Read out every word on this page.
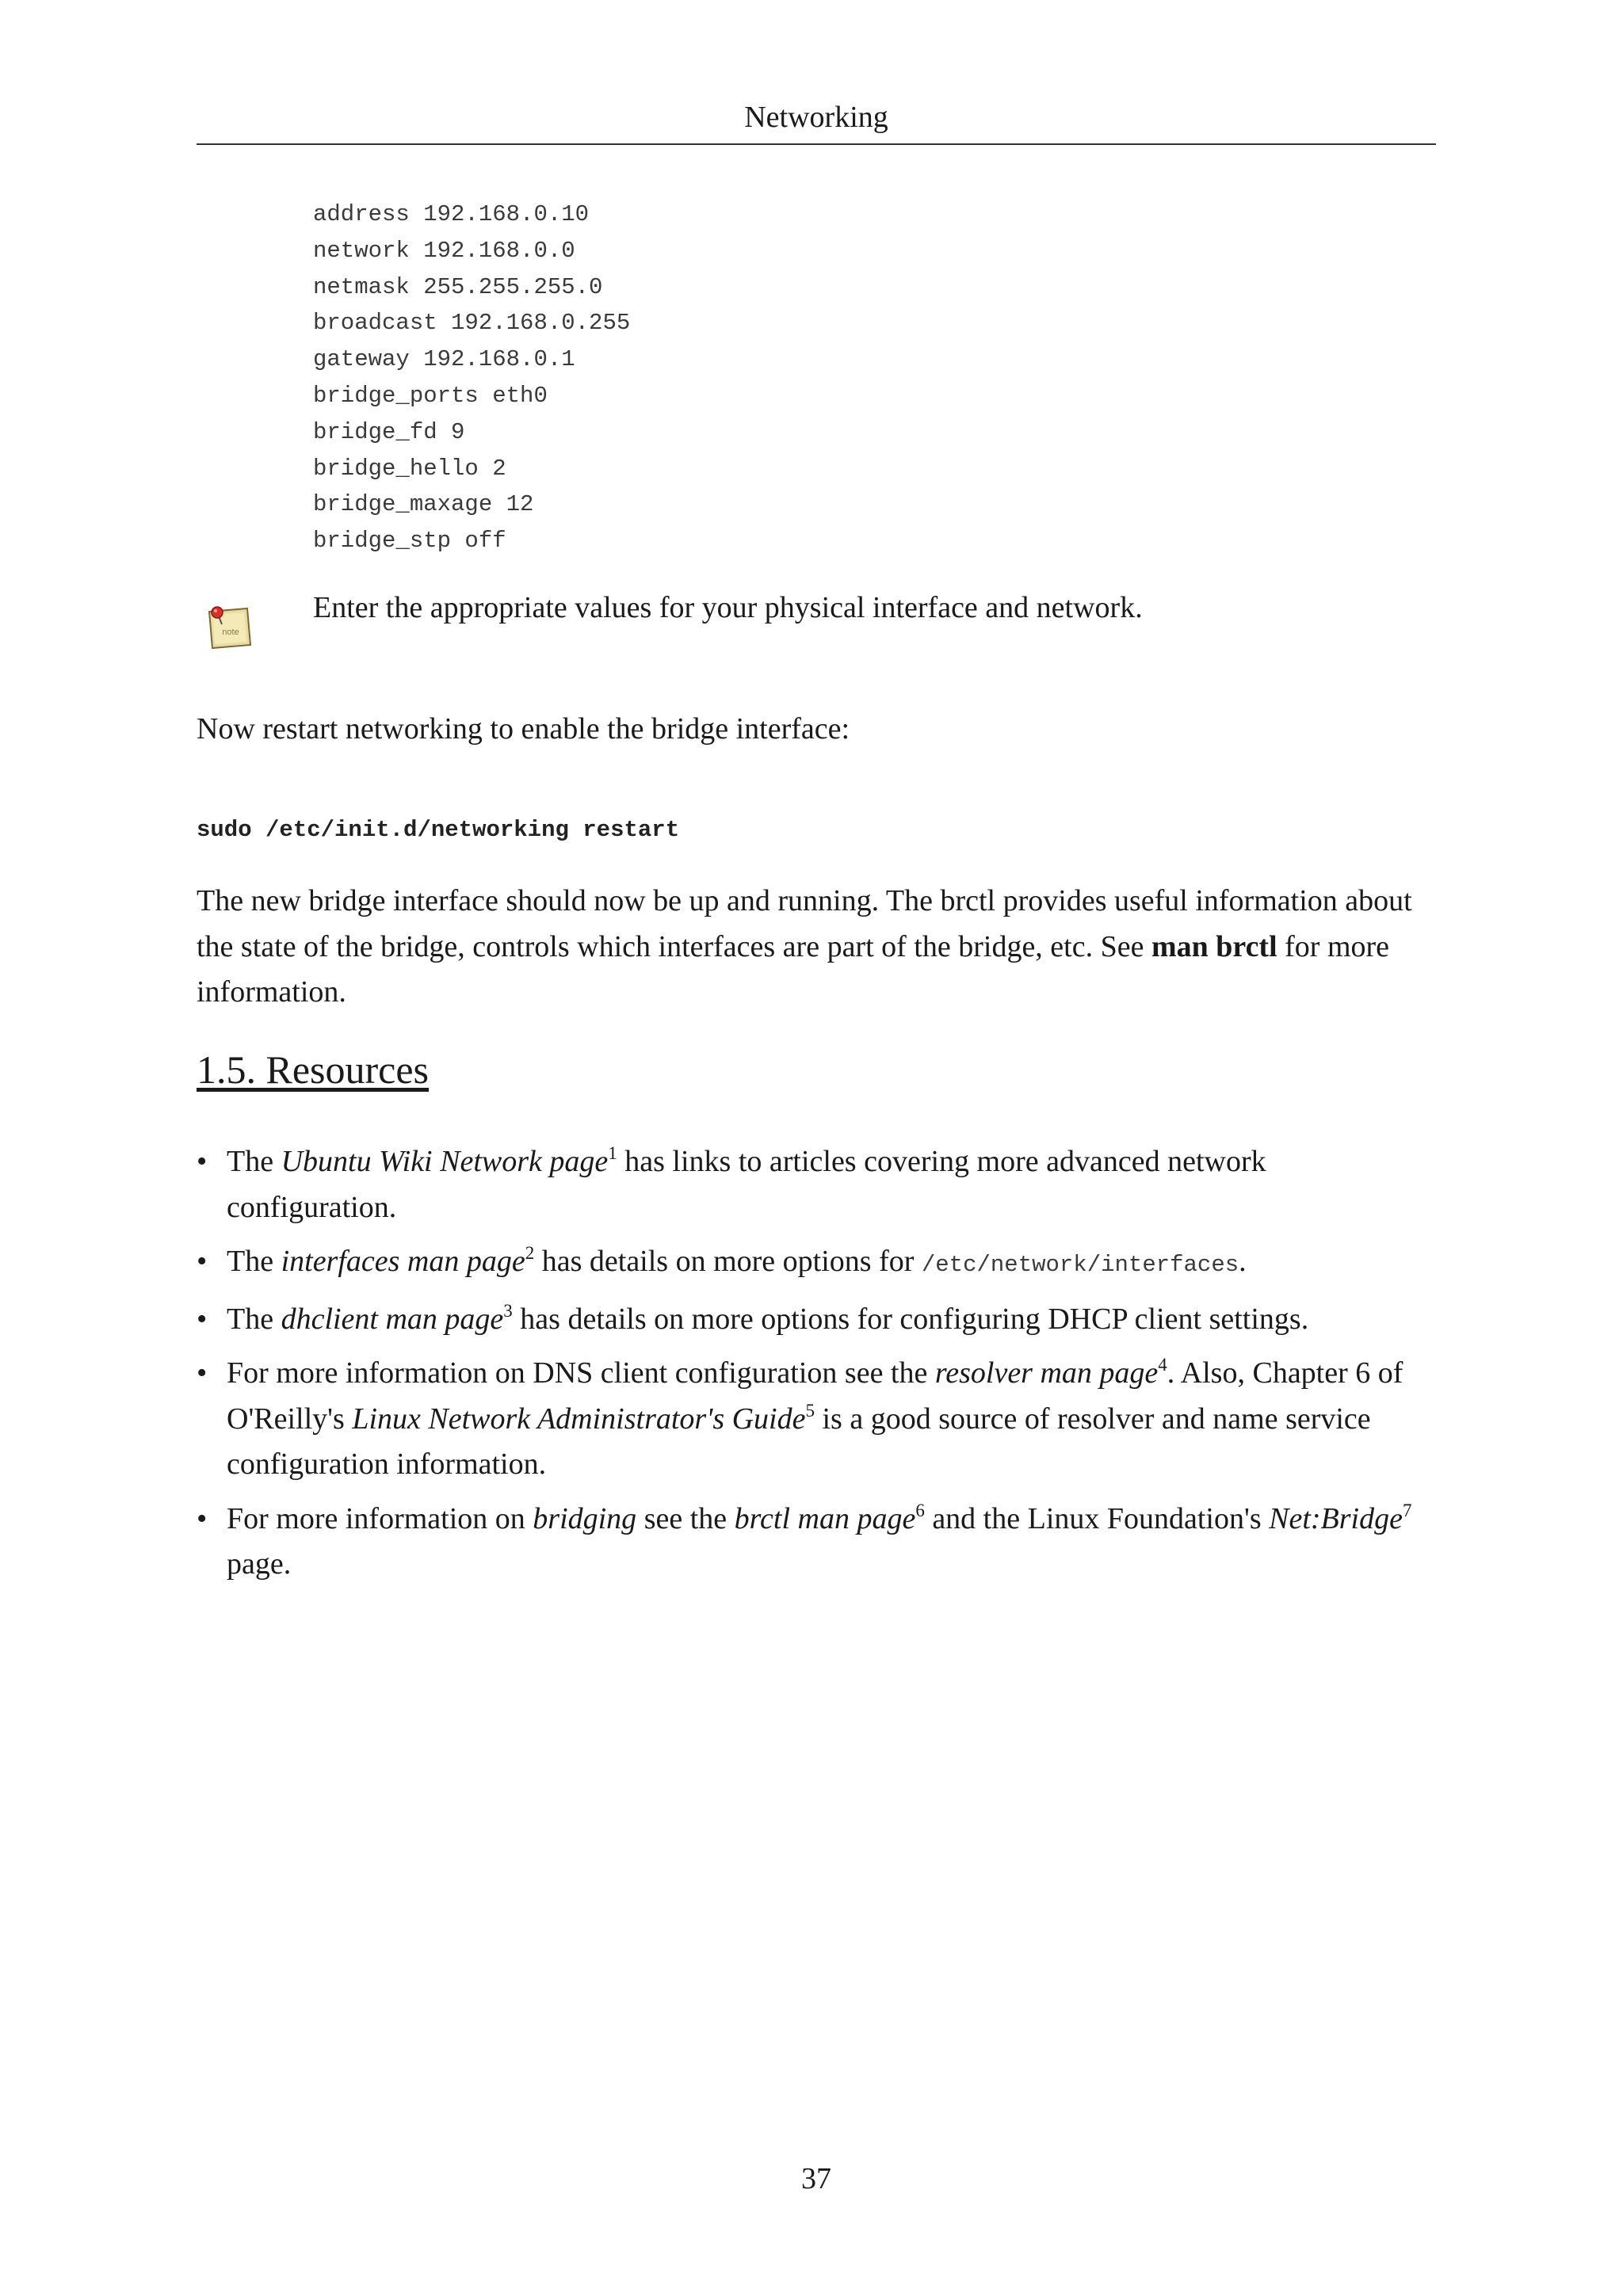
Networking
address 192.168.0.10
network 192.168.0.0
netmask 255.255.255.0
broadcast 192.168.0.255
gateway 192.168.0.1
bridge_ports eth0
bridge_fd 9
bridge_hello 2
bridge_maxage 12
bridge_stp off
note
Enter the appropriate values for your physical interface and network.

Now restart networking to enable the bridge interface:

sudo /etc/init.d/networking restart

The new bridge interface should now be up and running. The brctl provides useful information about the state of the bridge, controls which interfaces are part of the bridge, etc. See man brctl for more information.

1.5. Resources
• The Ubuntu Wiki Network page$^1$ has links to articles covering more advanced network configuration.
• The interfaces man page$^2$ has details on more options for /etc/network/interfaces.
• The dhclient man page$^3$ has details on more options for configuring DHCP client settings.
• For more information on DNS client configuration see the resolver man page$^4$. Also, Chapter 6 of O'Reilly's Linux Network Administrator's Guide$^5$ is a good source of resolver and name service configuration information.
• For more information on bridging see the brctl man page$^6$ and the Linux Foundation's Net:Bridge$^7$ page.
37
